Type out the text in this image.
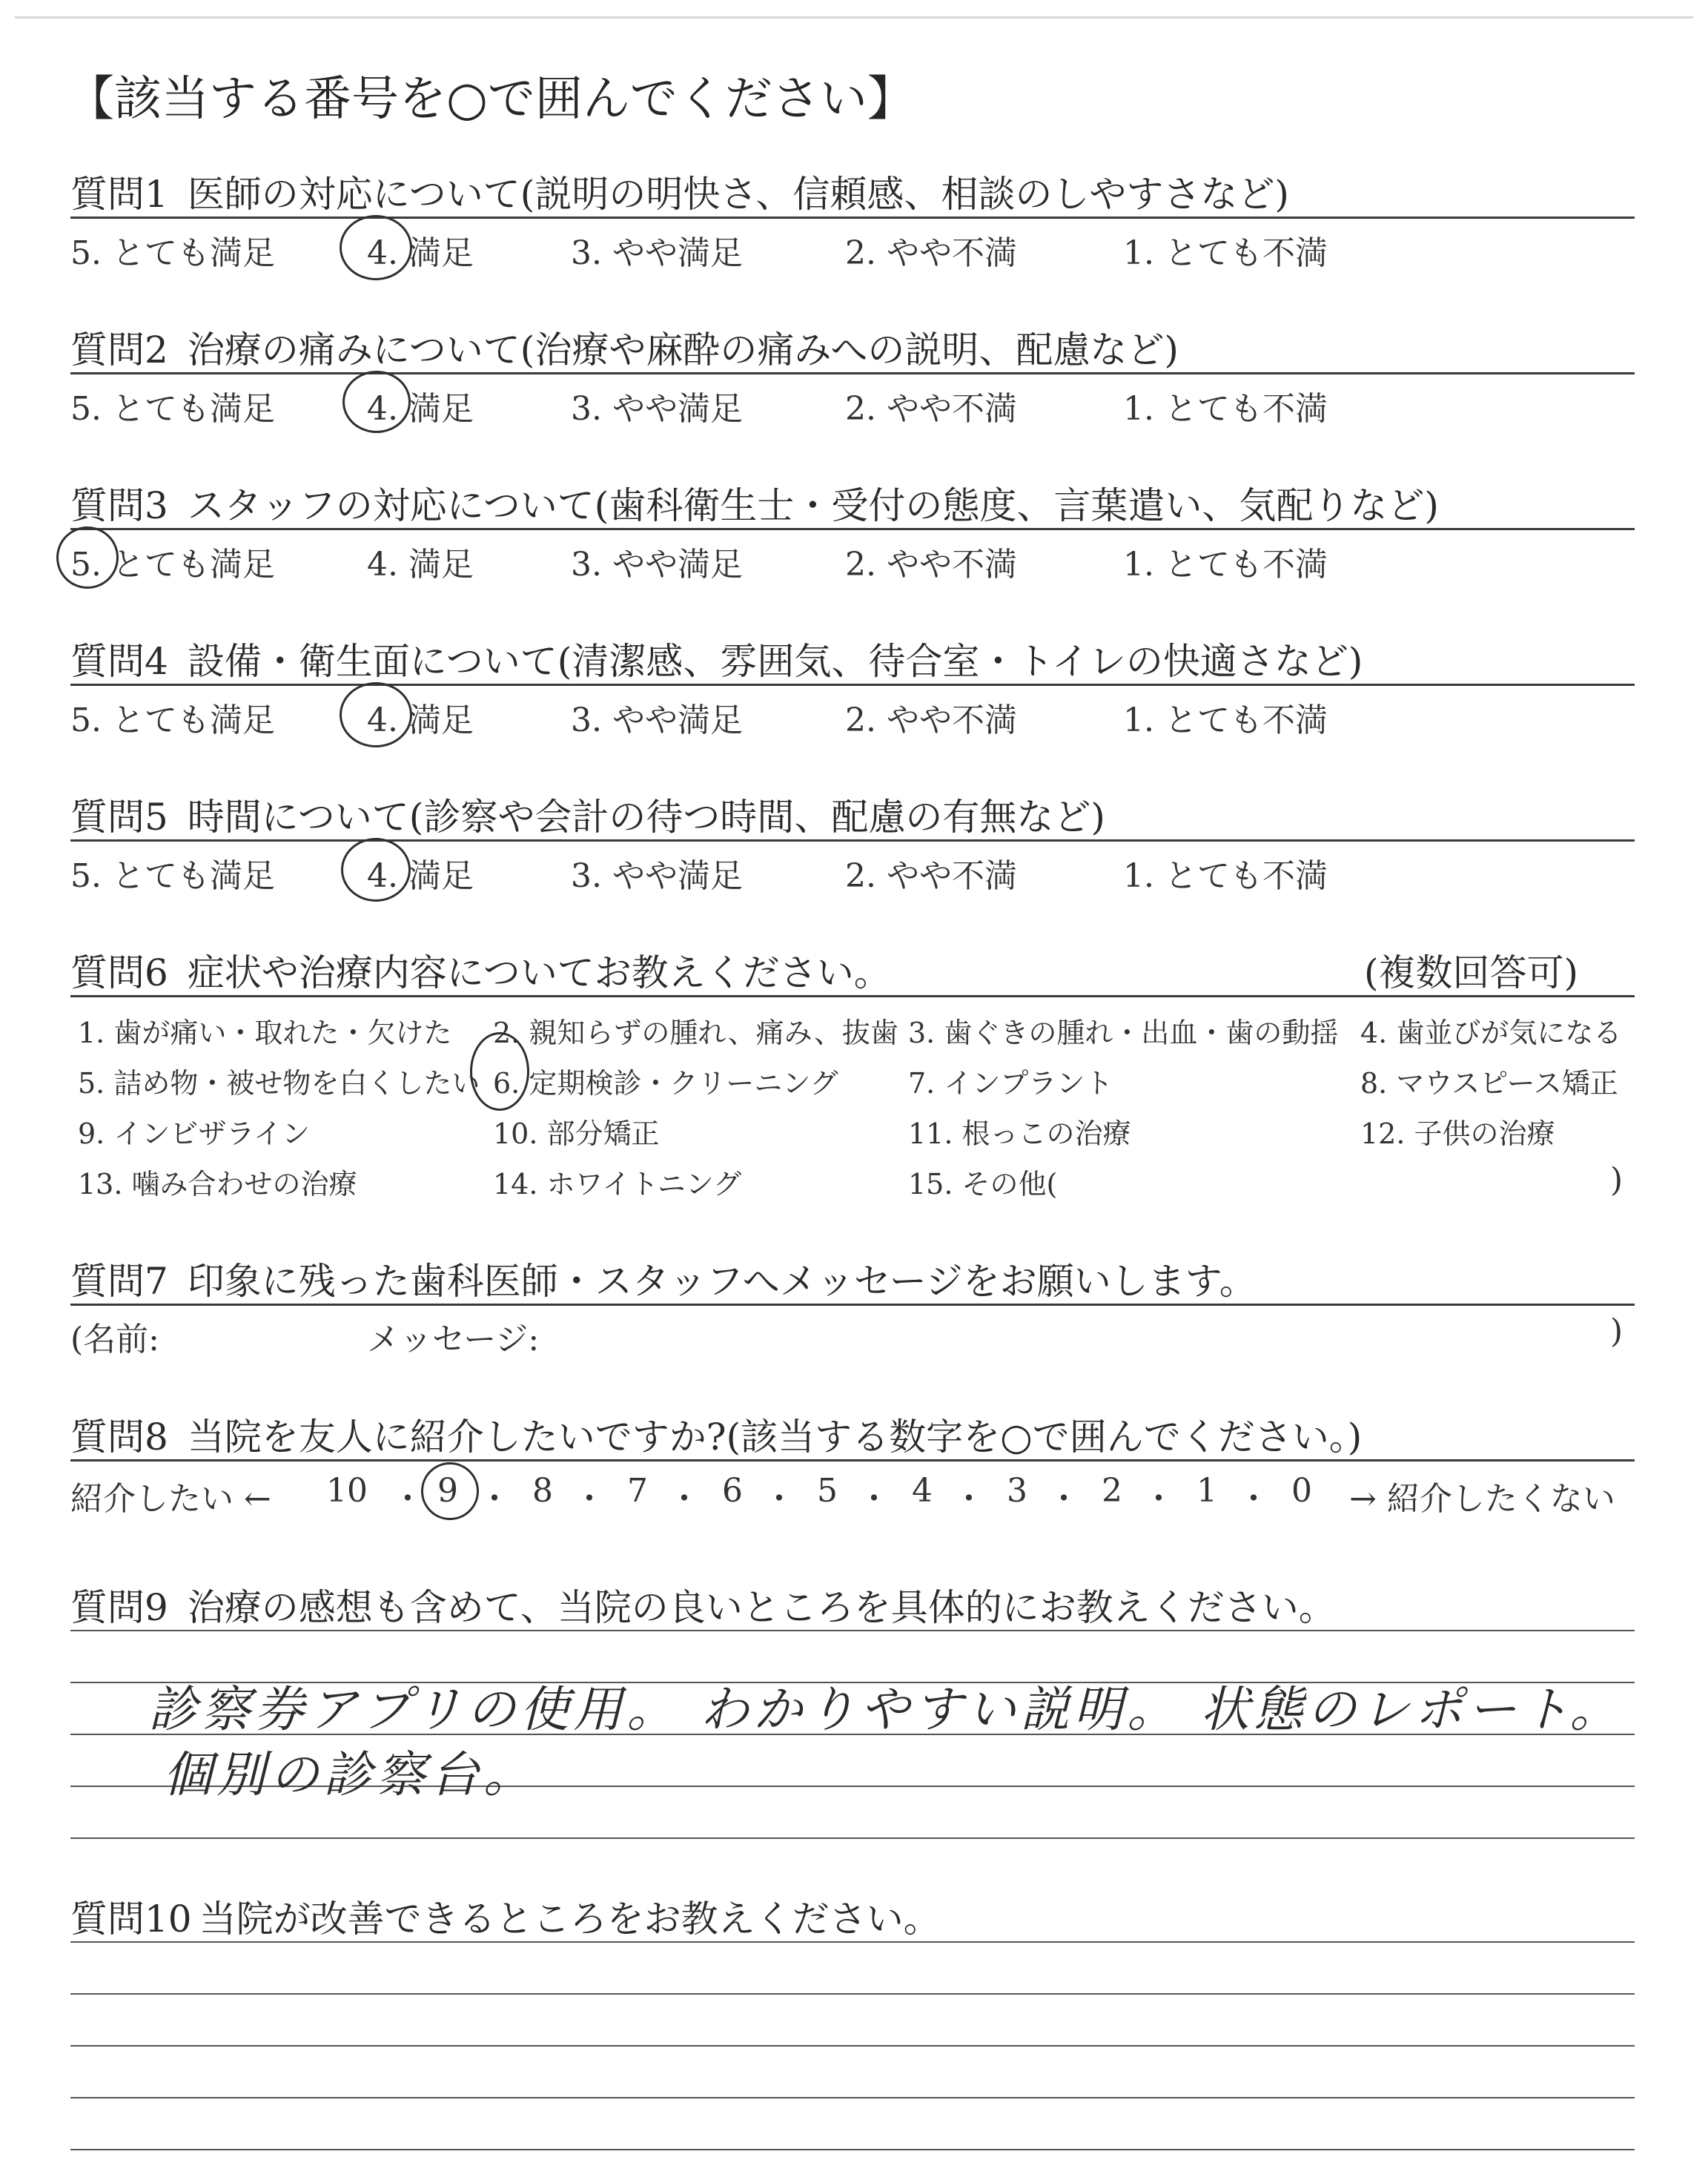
【該当する番号を○で囲んでください】
質問1 医師の対応について(説明の明快さ、信頼感、相談のしやすさなど)
5. とても満足	4. 満足	3. やや満足	2. やや不満	1. とても不満
質問2 治療の痛みについて(治療や麻酔の痛みへの説明、配慮など)
5. とても満足	4. 満足	3. やや満足	2. やや不満	1. とても不満
質問3 スタッフの対応について(歯科衛生士・受付の態度、言葉遣い、気配りなど)
5. とても満足	4. 満足	3. やや満足	2. やや不満	1. とても不満
質問4 設備・衛生面について(清潔感、雰囲気、待合室・トイレの快適さなど)
5. とても満足	4. 満足	3. やや満足	2. やや不満	1. とても不満
質問5 時間について(診察や会計の待つ時間、配慮の有無など)
5. とても満足	4. 満足	3. やや満足	2. やや不満	1. とても不満
質問6 症状や治療内容についてお教えください。	(複数回答可)
1. 歯が痛い・取れた・欠けた 2. 親知らずの腫れ、痛み、抜歯 3. 歯ぐきの腫れ・出血・歯の動揺 4. 歯並びが気になる
5. 詰め物・被せ物を白くしたい 6. 定期検診・クリーニング 7. インプラント	8. マウスピース矯正
9. インビザライン	10. 部分矯正	11. 根っこの治療	12. 子供の治療
13. 噛み合わせの治療	14. ホワイトニング	15. その他(	)
質問7 印象に残った歯科医師・スタッフへメッセージをお願いします。
(名前:	メッセージ:	)
質問8 当院を友人に紹介したいですか?(該当する数字を○で囲んでください。)
紹介したい ← 10 ・ 9 ・ 8 ・ 7 ・ 6 ・ 5 ・ 4 ・ 3 ・ 2 ・ 1 ・ 0 → 紹介したくない
質問9 治療の感想も含めて、当院の良いところを具体的にお教えください。
診察券アプリの使用。 わかりやすい説明。 状態のレポート。
個別の診察台。
質問10 当院が改善できるところをお教えください。
